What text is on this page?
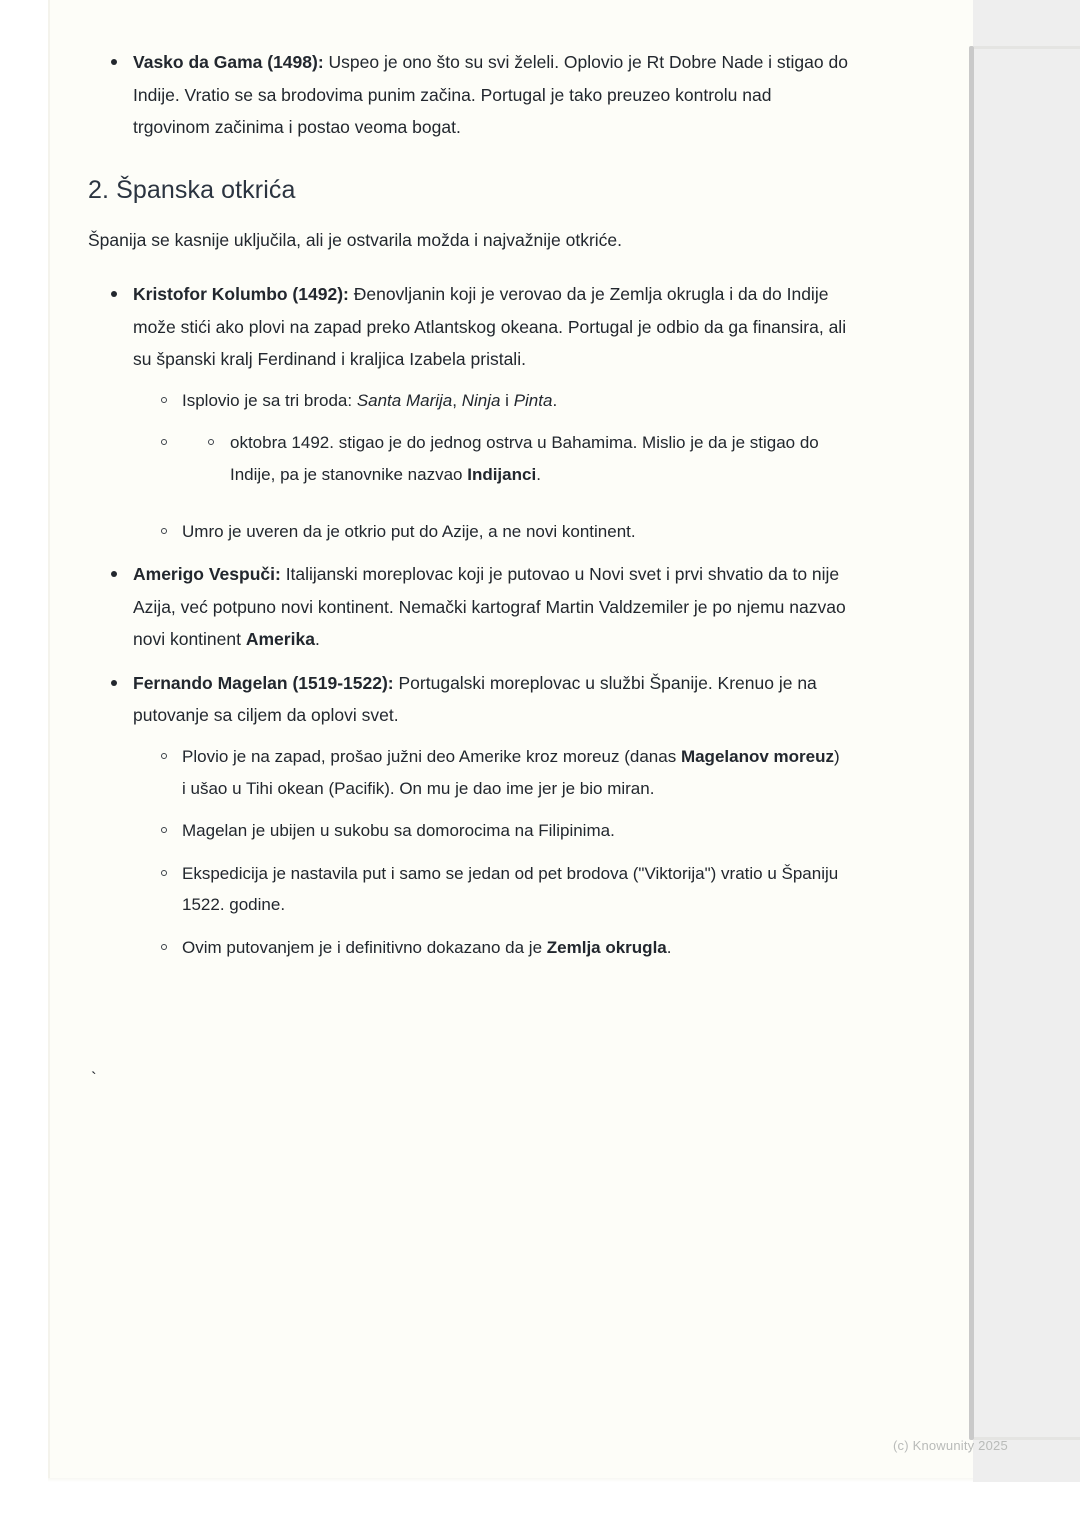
Vasko da Gama (1498): Uspeo je ono što su svi želeli. Oplovio je Rt Dobre Nade i stigao do Indije. Vratio se sa brodovima punim začina. Portugal je tako preuzeo kontrolu nad trgovinom začinima i postao veoma bogat.
2. Španska otkrića

Španija se kasnije uključila, ali je ostvarila možda i najvažnije otkriće.

Kristofor Kolumbo (1492): Đenovljanin koji je verovao da je Zemlja okrugla i da do Indije može stići ako plovi na zapad preko Atlantskog okeana. Portugal je odbio da ga finansira, ali su španski kralj Ferdinand i kraljica Izabela pristali.
Isplovio je sa tri broda: Santa Marija, Ninja i Pinta.
oktobra 1492. stigao je do jednog ostrva u Bahamima. Mislio je da je stigao do Indije, pa je stanovnike nazvao Indijanci.
Umro je uveren da je otkrio put do Azije, a ne novi kontinent.
Amerigo Vespuči: Italijanski moreplovac koji je putovao u Novi svet i prvi shvatio da to nije Azija, već potpuno novi kontinent. Nemački kartograf Martin Valdzemiler je po njemu nazvao novi kontinent Amerika.
Fernando Magelan (1519-1522): Portugalski moreplovac u službi Španije. Krenuo je na putovanje sa ciljem da oplovi svet.
Plovio je na zapad, prošao južni deo Amerike kroz moreuz (danas Magelanov moreuz) i ušao u Tihi okean (Pacifik). On mu je dao ime jer je bio miran.
Magelan je ubijen u sukobu sa domorocima na Filipinima.
Ekspedicija je nastavila put i samo se jedan od pet brodova ("Viktorija") vratio u Španiju 1522. godine.
Ovim putovanjem je i definitivno dokazano da je Zemlja okrugla.
`
(c) Knowunity 2025
